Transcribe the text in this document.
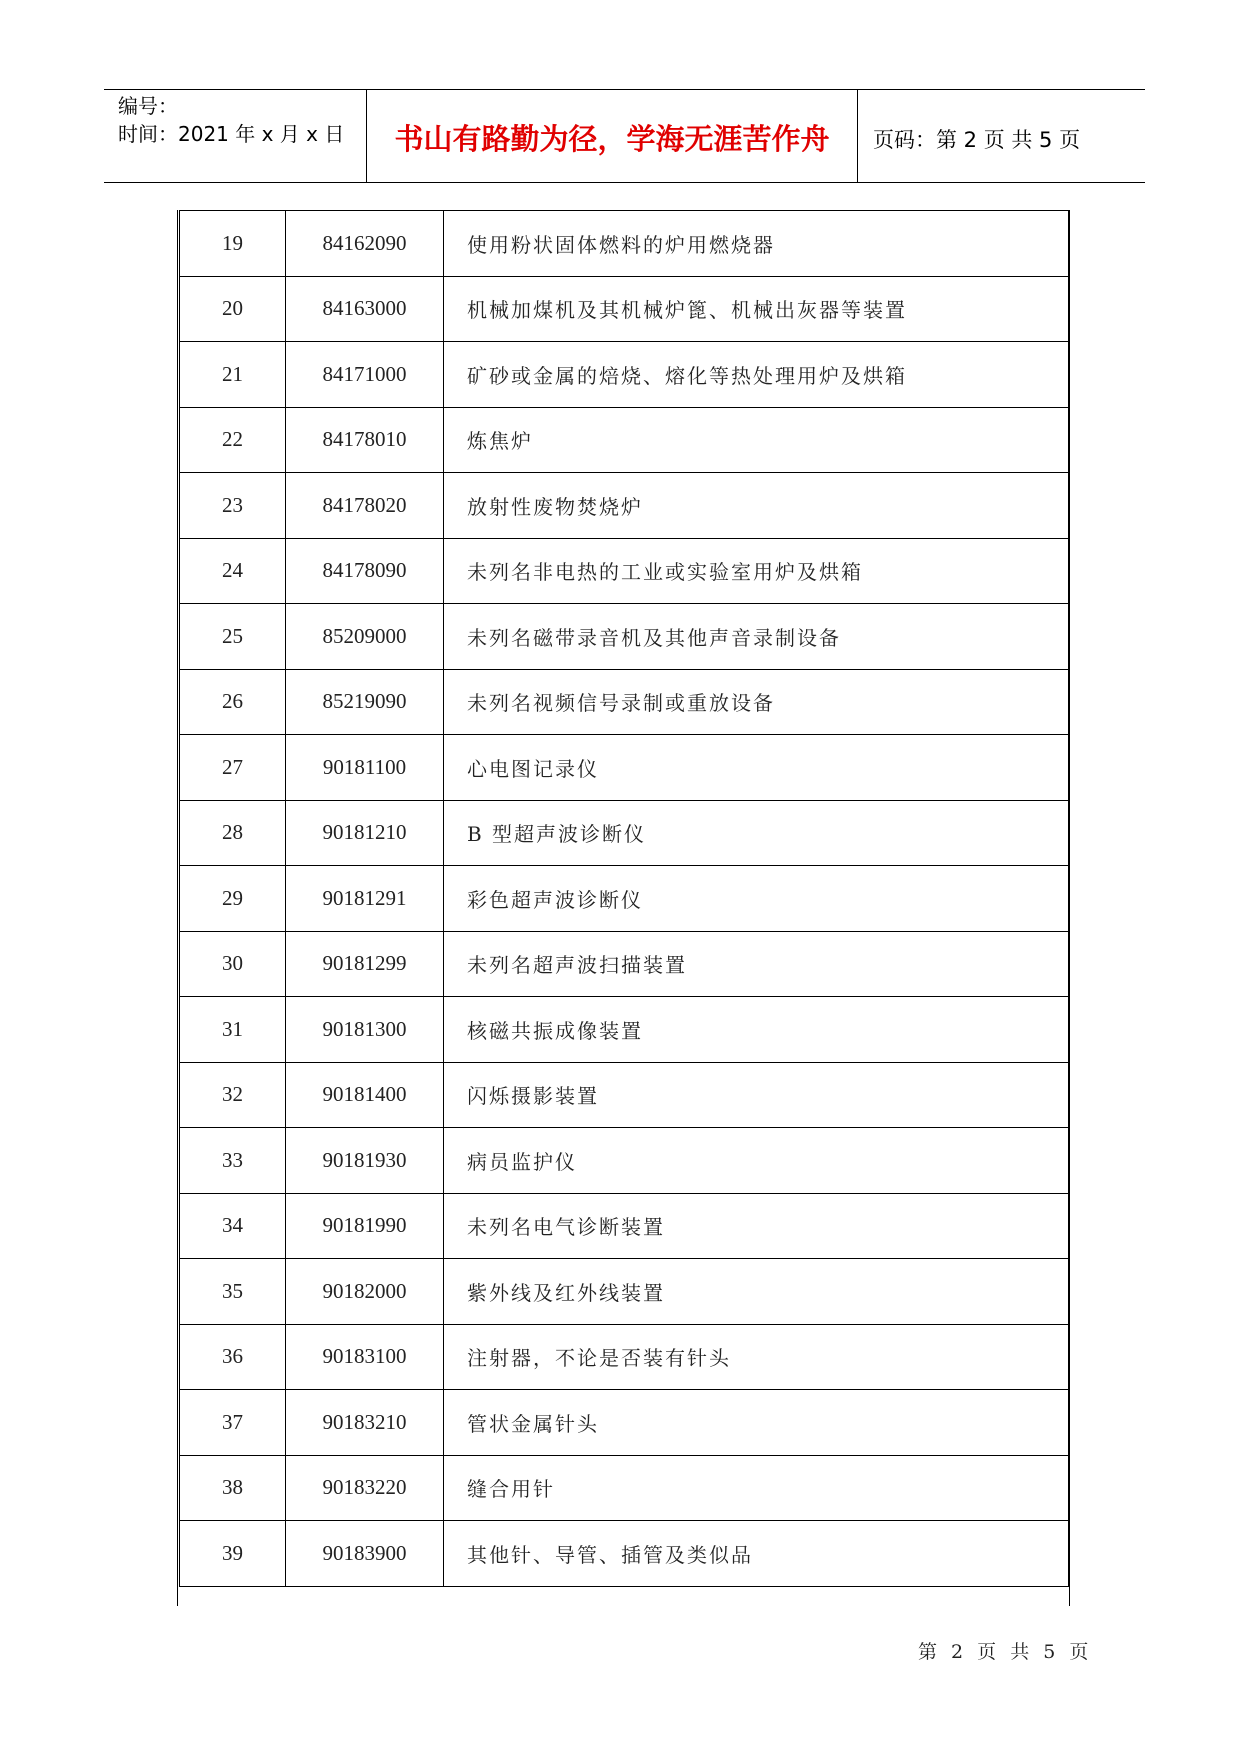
编号：
时间：2021 年 x 月 x 日	书山有路勤为径，学海无涯苦作舟	页码：第 2 页 共 5 页
19	84162090	使用粉状固体燃料的炉用燃烧器
20	84163000	机械加煤机及其机械炉篦、机械出灰器等装置
21	84171000	矿砂或金属的焙烧、熔化等热处理用炉及烘箱
22	84178010	炼焦炉
23	84178020	放射性废物焚烧炉
24	84178090	未列名非电热的工业或实验室用炉及烘箱
25	85209000	未列名磁带录音机及其他声音录制设备
26	85219090	未列名视频信号录制或重放设备
27	90181100	心电图记录仪
28	90181210	B 型超声波诊断仪
29	90181291	彩色超声波诊断仪
30	90181299	未列名超声波扫描装置
31	90181300	核磁共振成像装置
32	90181400	闪烁摄影装置
33	90181930	病员监护仪
34	90181990	未列名电气诊断装置
35	90182000	紫外线及红外线装置
36	90183100	注射器，不论是否装有针头
37	90183210	管状金属针头
38	90183220	缝合用针
39	90183900	其他针、导管、插管及类似品
第 2 页 共 5 页
